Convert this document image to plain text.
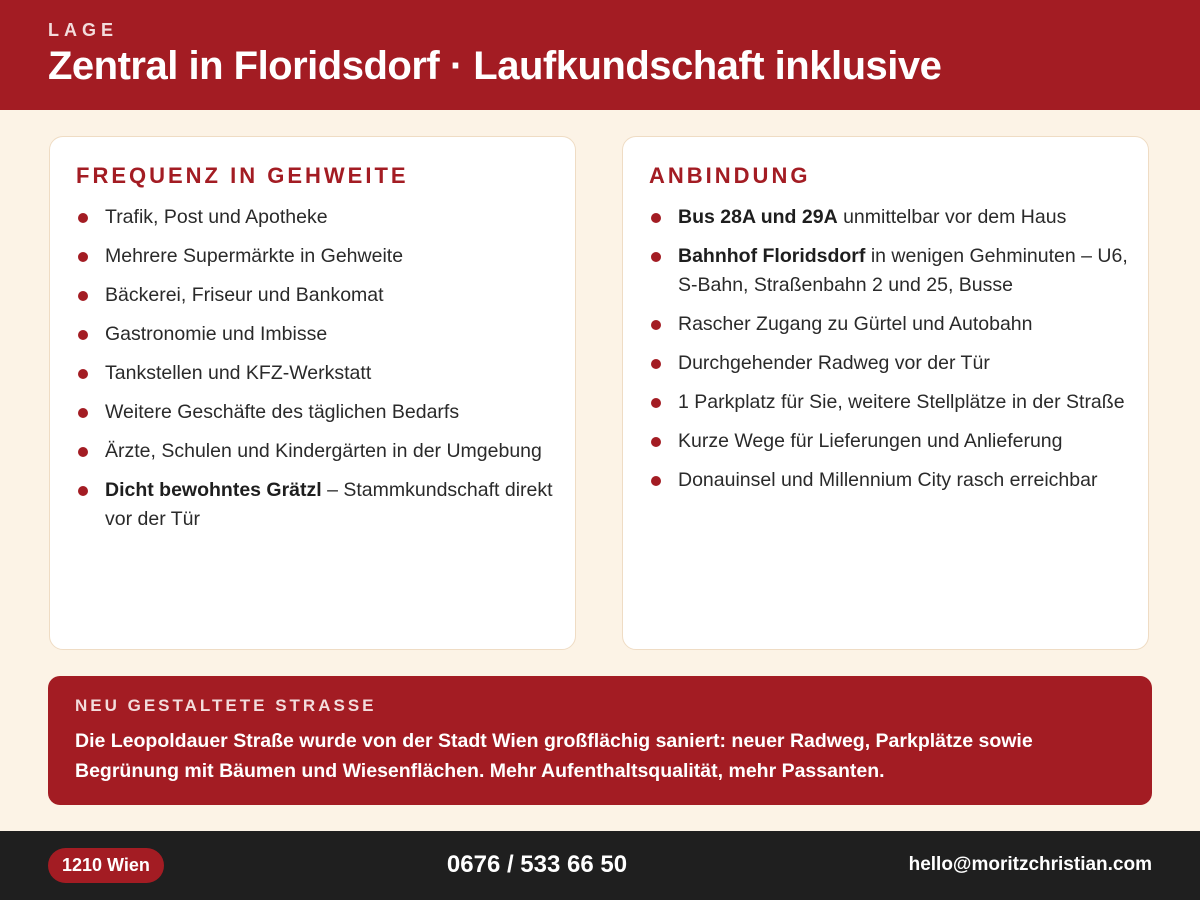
LAGE
Zentral in Floridsdorf · Laufkundschaft inklusive
FREQUENZ IN GEHWEITE
Trafik, Post und Apotheke
Mehrere Supermärkte in Gehweite
Bäckerei, Friseur und Bankomat
Gastronomie und Imbisse
Tankstellen und KFZ-Werkstatt
Weitere Geschäfte des täglichen Bedarfs
Ärzte, Schulen und Kindergärten in der Umgebung
Dicht bewohntes Grätzl – Stammkundschaft direkt vor der Tür
ANBINDUNG
Bus 28A und 29A unmittelbar vor dem Haus
Bahnhof Floridsdorf in wenigen Gehminuten – U6, S-Bahn, Straßenbahn 2 und 25, Busse
Rascher Zugang zu Gürtel und Autobahn
Durchgehender Radweg vor der Tür
1 Parkplatz für Sie, weitere Stellplätze in der Straße
Kurze Wege für Lieferungen und Anlieferung
Donauinsel und Millennium City rasch erreichbar
NEU GESTALTETE STRASSE
Die Leopoldauer Straße wurde von der Stadt Wien großflächig saniert: neuer Radweg, Parkplätze sowie Begrünung mit Bäumen und Wiesenflächen. Mehr Aufenthaltsqualität, mehr Passanten.
1210 Wien	0676 / 533 66 50	hello@moritzchristian.com
